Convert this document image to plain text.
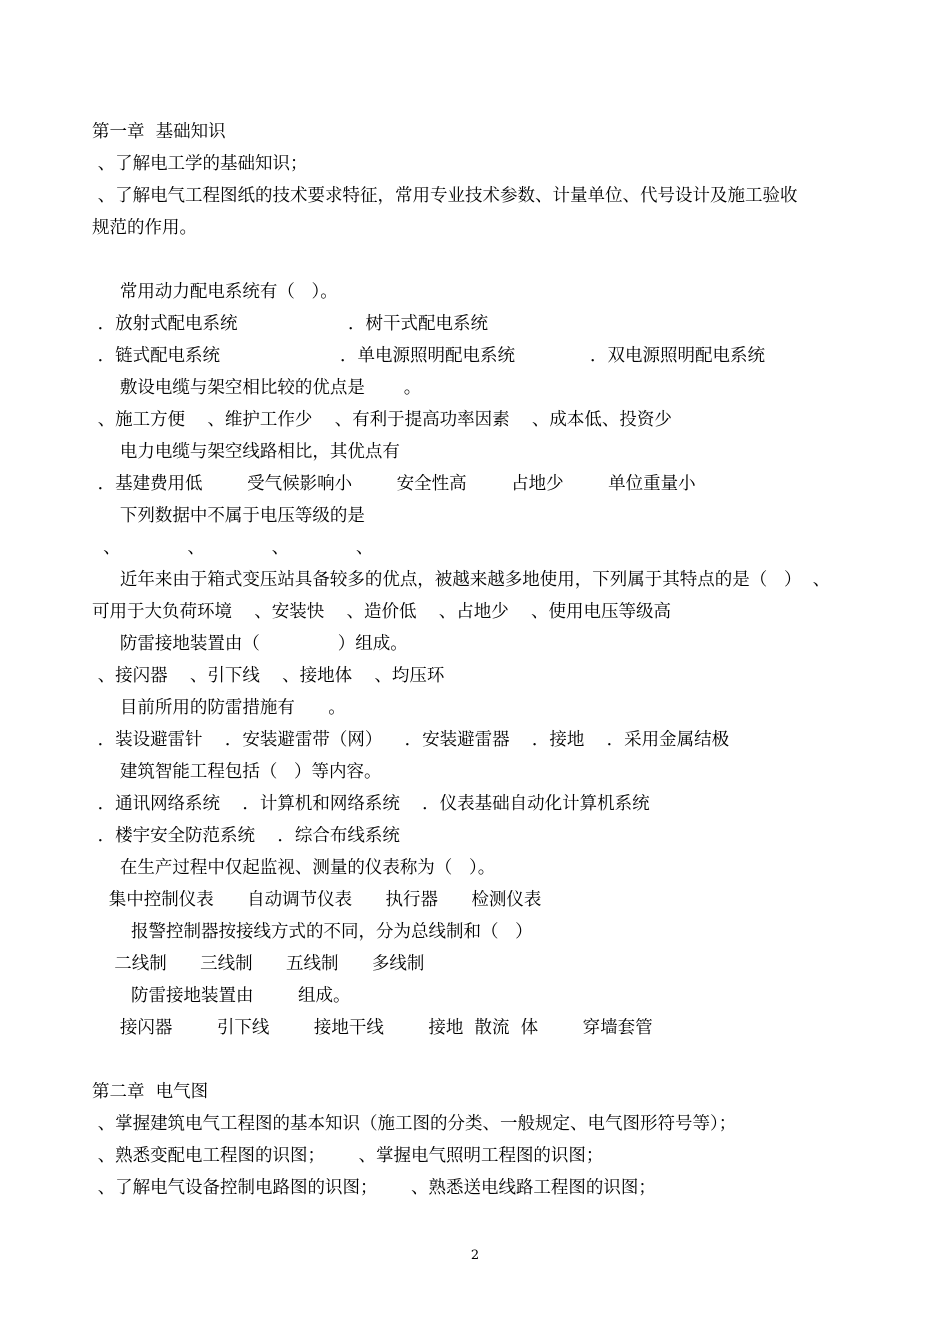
第一章  基础知识
、了解电工学的基础知识；
、了解电气工程图纸的技术要求特征，常用专业技术参数、计量单位、代号设计及施工验收
规范的作用。
常用动力配电系统有（   ）。

．放射式配电系统

	．树干式配电系统

．链式配电系统

	．单电源照明配电系统

	．双电源照明配电系统

敷设电缆与架空相比较的优点是       。
、施工方便    、维护工作少    、有利于提高功率因素    、成本低、投资少
电力电缆与架空线路相比，其优点有
．基建费用低        受气候影响小        安全性高        占地少        单位重量小
下列数据中不属于电压等级的是
、            、            、            、
近年来由于箱式变压站具备较多的优点，被越来越多地使用，下列属于其特点的是（   ）  、
可用于大负荷环境    、安装快    、造价低    、占地少    、使用电压等级高
防雷接地装置由（              ）组成。
、接闪器    、引下线    、接地体    、均压环
目前所用的防雷措施有      。
．装设避雷针    ．安装避雷带（网）    ．安装避雷器    ．接地    ．采用金属结极
建筑智能工程包括（   ）等内容。
．通讯网络系统    ．计算机和网络系统    ．仪表基础自动化计算机系统
．楼宇安全防范系统    ．综合布线系统
在生产过程中仅起监视、测量的仪表称为（   ）。
集中控制仪表      自动调节仪表      执行器      检测仪表
报警控制器按接线方式的不同，分为总线制和（   ）
二线制      三线制      五线制      多线制
防雷接地装置由        组成。
接闪器        引下线        接地干线        接地  散流  体        穿墙套管
第二章  电气图
、掌握建筑电气工程图的基本知识（施工图的分类、一般规定、电气图形符号等）；
、熟悉变配电工程图的识图；      、掌握电气照明工程图的识图；
、了解电气设备控制电路图的识图；      、熟悉送电线路工程图的识图；
2
